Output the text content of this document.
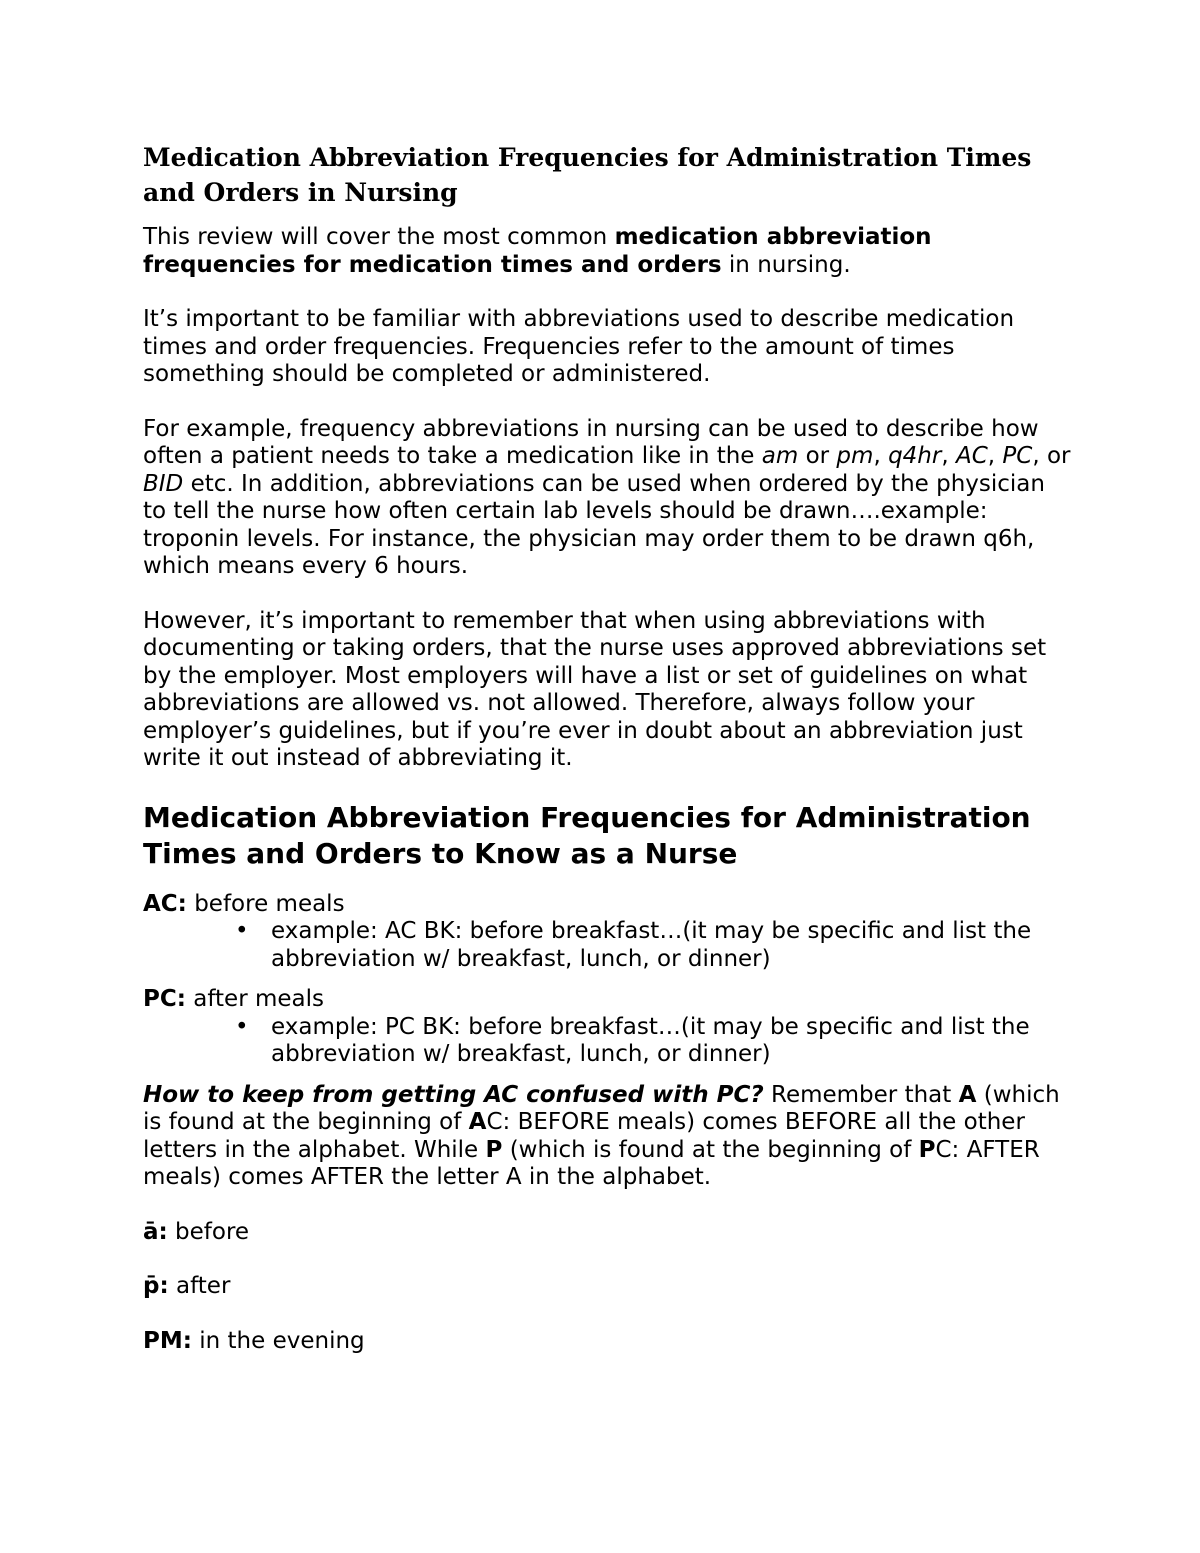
Medication Abbreviation Frequencies for Administration Times and Orders in Nursing

This review will cover the most common medication abbreviation frequencies for medication times and orders in nursing.

It’s important to be familiar with abbreviations used to describe medication times and order frequencies. Frequencies refer to the amount of times something should be completed or administered.

For example, frequency abbreviations in nursing can be used to describe how often a patient needs to take a medication like in the am or pm, q4hr, AC, PC, or BID etc. In addition, abbreviations can be used when ordered by the physician to tell the nurse how often certain lab levels should be drawn….example: troponin levels. For instance, the physician may order them to be drawn q6h, which means every 6 hours.

However, it’s important to remember that when using abbreviations with documenting or taking orders, that the nurse uses approved abbreviations set by the employer. Most employers will have a list or set of guidelines on what abbreviations are allowed vs. not allowed. Therefore, always follow your employer’s guidelines, but if you’re ever in doubt about an abbreviation just write it out instead of abbreviating it.

Medication Abbreviation Frequencies for Administration Times and Orders to Know as a Nurse
AC: before meals
• example: AC BK: before breakfast…(it may be specific and list the abbreviation w/ breakfast, lunch, or dinner)
PC: after meals
• example: PC BK: before breakfast…(it may be specific and list the abbreviation w/ breakfast, lunch, or dinner)

How to keep from getting AC confused with PC? Remember that A (which is found at the beginning of AC: BEFORE meals) comes BEFORE all the other letters in the alphabet. While P (which is found at the beginning of PC: AFTER meals) comes AFTER the letter A in the alphabet.

ā: before
p̄: after
PM: in the evening
